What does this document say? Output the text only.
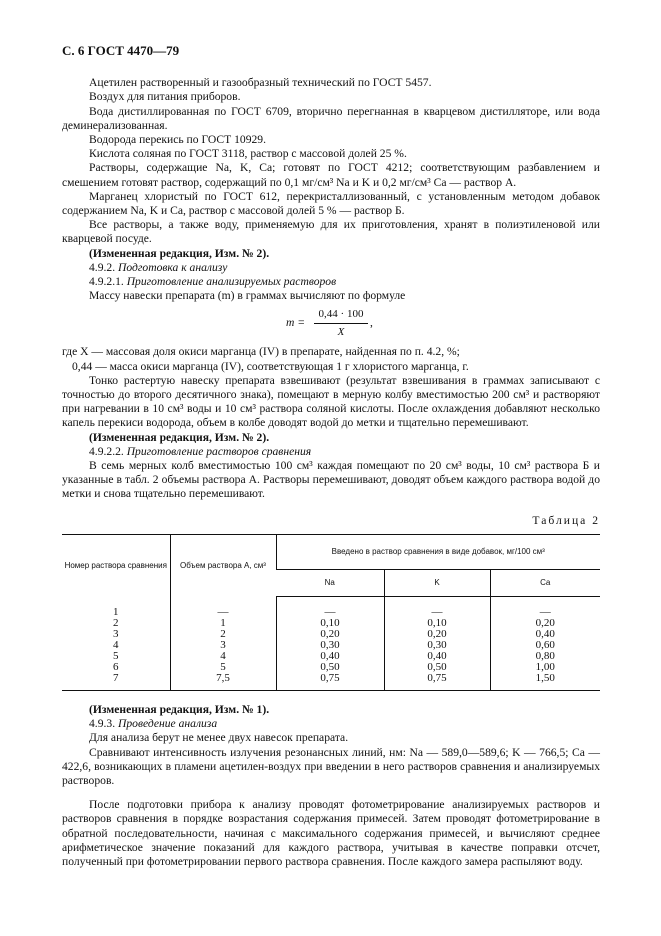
С. 6 ГОСТ 4470—79

Ацетилен растворенный и газообразный технический по ГОСТ 5457.

Воздух для питания приборов.

Вода дистиллированная по ГОСТ 6709, вторично перегнанная в кварцевом дистилляторе, или вода деминерализованная.

Водорода перекись по ГОСТ 10929.

Кислота соляная по ГОСТ 3118, раствор с массовой долей 25 %.

Растворы, содержащие Na, K, Ca; готовят по ГОСТ 4212; соответствующим разбавлением и смешением готовят раствор, содержащий по 0,1 мг/см³ Na и K и 0,2 мг/см³ Ca — раствор А.

Марганец хлористый по ГОСТ 612, перекристаллизованный, с установленным методом добавок содержанием Na, K и Ca, раствор с массовой долей 5 % — раствор Б.

Все растворы, а также воду, применяемую для их приготовления, хранят в полиэтиленовой или кварцевой посуде.

(Измененная редакция, Изм. № 2).

4.9.2. Подготовка к анализу

4.9.2.1. Приготовление анализируемых растворов

Массу навески препарата (m) в граммах вычисляют по формуле

$m = \frac{0,44 \cdot 100}{X}$ ,

где X — массовая доля окиси марганца (IV) в препарате, найденная по п. 4.2, %;

0,44 — масса окиси марганца (IV), соответствующая 1 г хлористого марганца, г.

Тонко растертую навеску препарата взвешивают (результат взвешивания в граммах записывают с точностью до второго десятичного знака), помещают в мерную колбу вместимостью 200 см³ и растворяют при нагревании в 10 см³ воды и 10 см³ раствора соляной кислоты. После охлаждения добавляют несколько капель перекиси водорода, объем в колбе доводят водой до метки и тщательно перемешивают.

(Измененная редакция, Изм. № 2).

4.9.2.2. Приготовление растворов сравнения

В семь мерных колб вместимостью 100 см³ каждая помещают по 20 см³ воды, 10 см³ раствора Б и указанные в табл. 2 объемы раствора А. Растворы перемешивают, доводят объем каждого раствора водой до метки и снова тщательно перемешивают.

Таблица 2
Номер раствора сравнения	Объем раствора А, см³	Введено в раствор сравнения в виде добавок, мг/100 см³		
		Na	K	Ca
1	—	—	—	—
2	1	0,10	0,10	0,20
3	2	0,20	0,20	0,40
4	3	0,30	0,30	0,60
5	4	0,40	0,40	0,80
6	5	0,50	0,50	1,00
7	7,5	0,75	0,75	1,50

(Измененная редакция, Изм. № 1).

4.9.3. Проведение анализа

Для анализа берут не менее двух навесок препарата.

Сравнивают интенсивность излучения резонансных линий, нм: Na — 589,0—589,6; K — 766,5; Ca — 422,6, возникающих в пламени ацетилен-воздух при введении в него растворов сравнения и анализируемых растворов.

После подготовки прибора к анализу проводят фотометрирование анализируемых растворов и растворов сравнения в порядке возрастания содержания примесей. Затем проводят фотометрирование в обратной последовательности, начиная с максимального содержания примесей, и вычисляют среднее арифметическое значение показаний для каждого раствора, учитывая в качестве поправки отсчет, полученный при фотометрировании первого раствора сравнения. После каждого замера распыляют воду.
